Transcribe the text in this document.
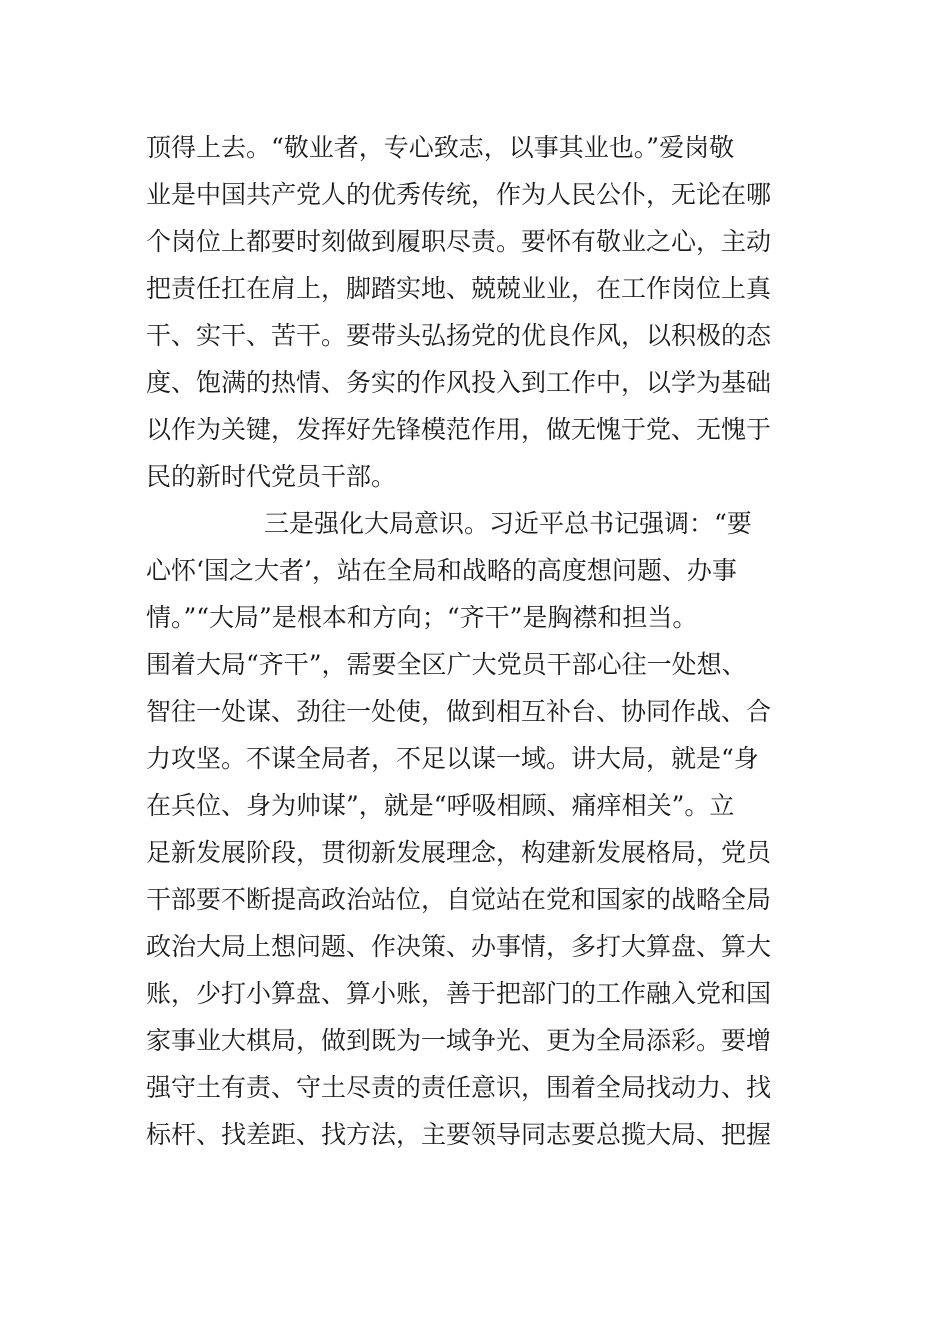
顶得上去。“敬业者，专心致志，以事其业也。”爱岗敬
业是中国共产党人的优秀传统，作为人民公仆，无论在哪
个岗位上都要时刻做到履职尽责。要怀有敬业之心，主动
把责任扛在肩上，脚踏实地、兢兢业业，在工作岗位上真
干、实干、苦干。要带头弘扬党的优良作风，以积极的态
度、饱满的热情、务实的作风投入到工作中，以学为基础
以作为关键，发挥好先锋模范作用，做无愧于党、无愧于
民的新时代党员干部。
三是强化大局意识。习近平总书记强调：“要
心怀‘国之大者’，站在全局和战略的高度想问题、办事
情。”“大局”是根本和方向；“齐干”是胸襟和担当。
围着大局“齐干”，需要全区广大党员干部心往一处想、
智往一处谋、劲往一处使，做到相互补台、协同作战、合
力攻坚。不谋全局者，不足以谋一域。讲大局，就是“身
在兵位、身为帅谋”，就是“呼吸相顾、痛痒相关”。立
足新发展阶段，贯彻新发展理念，构建新发展格局，党员
干部要不断提高政治站位，自觉站在党和国家的战略全局
政治大局上想问题、作决策、办事情，多打大算盘、算大
账，少打小算盘、算小账，善于把部门的工作融入党和国
家事业大棋局，做到既为一域争光、更为全局添彩。要增
强守土有责、守土尽责的责任意识，围着全局找动力、找
标杆、找差距、找方法，主要领导同志要总揽大局、把握
